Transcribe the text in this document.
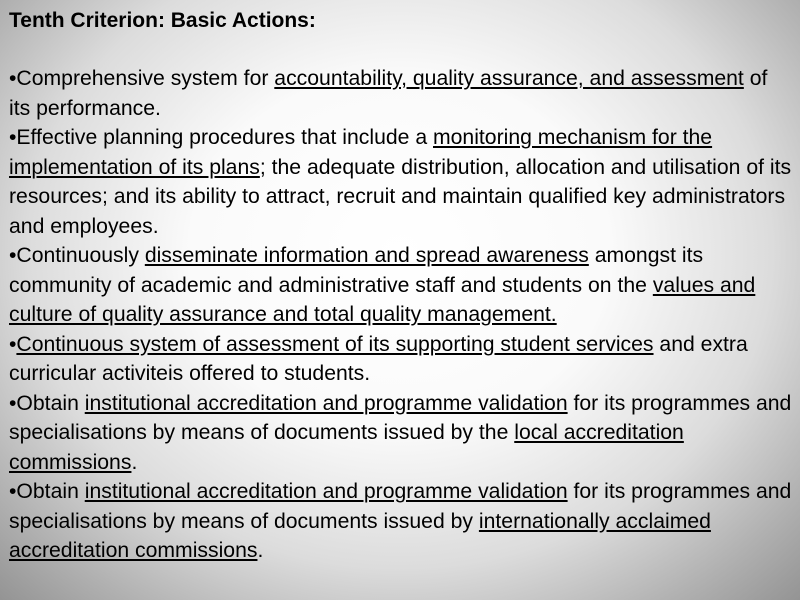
Tenth Criterion: Basic Actions:
•Comprehensive system for accountability, quality assurance, and assessment of its performance.
•Effective planning procedures that include a monitoring mechanism for the implementation of its plans; the adequate distribution, allocation and utilisation of its resources; and its ability to attract, recruit and maintain qualified key administrators and employees.
•Continuously disseminate information and spread awareness amongst its community of academic and administrative staff and students on the values and culture of quality assurance and total quality management.
•Continuous system of assessment of its supporting student services and extra curricular activiteis offered to students.
•Obtain institutional accreditation and programme validation for its programmes and specialisations by means of documents issued by the local accreditation commissions.
•Obtain institutional accreditation and programme validation for its programmes and specialisations by means of documents issued by internationally acclaimed accreditation commissions.
